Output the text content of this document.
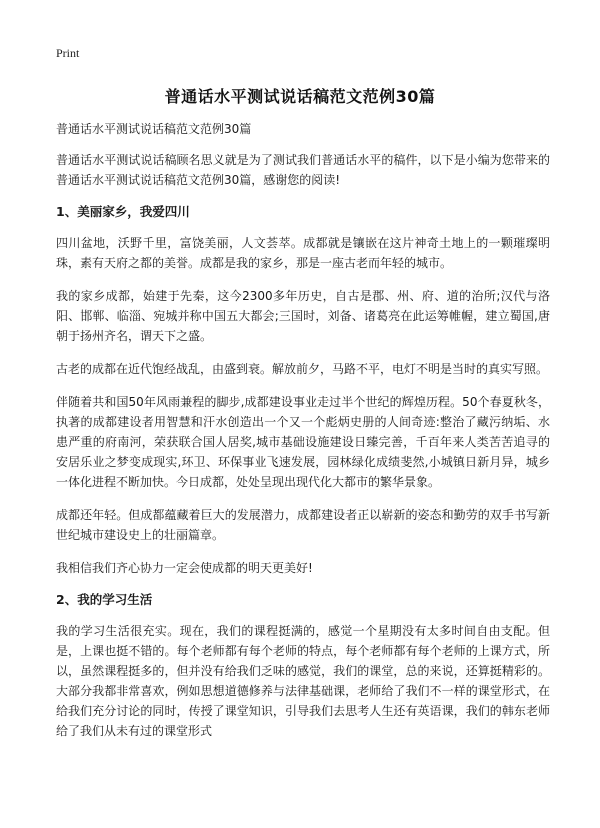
Print
普通话水平测试说话稿范文范例30篇
普通话水平测试说话稿范文范例30篇

普通话水平测试说话稿顾名思义就是为了测试我们普通话水平的稿件，以下是小编为您带来的普通话水平测试说话稿范文范例30篇，感谢您的阅读!

1、美丽家乡，我爱四川

四川盆地，沃野千里，富饶美丽，人文荟萃。成都就是镶嵌在这片神奇土地上的一颗璀璨明珠，素有天府之都的美誉。成都是我的家乡，那是一座古老而年轻的城市。

我的家乡成都，始建于先秦，这今2300多年历史，自古是郡、州、府、道的治所;汉代与洛阳、邯郸、临淄、宛城并称中国五大都会;三国时，刘备、诸葛亮在此运筹帷幄，建立蜀国,唐朝于扬州齐名，谓天下之盛。

古老的成都在近代饱经战乱，由盛到衰。解放前夕，马路不平，电灯不明是当时的真实写照。

伴随着共和国50年风雨兼程的脚步,成都建设事业走过半个世纪的辉煌历程。50个春夏秋冬，执著的成都建设者用智慧和汗水创造出一个又一个彪炳史册的人间奇迹:整治了藏污纳垢、水患严重的府南河，荣获联合国人居奖,城市基础设施建设日臻完善，千百年来人类苦苦追寻的安居乐业之梦变成现实,环卫、环保事业飞速发展，园林绿化成绩斐然,小城镇日新月异，城乡一体化进程不断加快。今日成都，处处呈现出现代化大都市的繁华景象。

成都还年轻。但成都蕴藏着巨大的发展潜力，成都建设者正以崭新的姿态和勤劳的双手书写新世纪城市建设史上的壮丽篇章。

我相信我们齐心协力一定会使成都的明天更美好!

2、我的学习生活

我的学习生活很充实。现在，我们的课程挺满的，感觉一个星期没有太多时间自由支配。但是，上课也挺不错的。每个老师都有每个老师的特点，每个老师都有每个老师的上课方式，所以，虽然课程挺多的，但并没有给我们乏味的感觉，我们的课堂，总的来说，还算挺精彩的。大部分我都非常喜欢，例如思想道德修养与法律基础课，老师给了我们不一样的课堂形式，在给我们充分讨论的同时，传授了课堂知识，引导我们去思考人生还有英语课，我们的韩东老师给了我们从未有过的课堂形式
